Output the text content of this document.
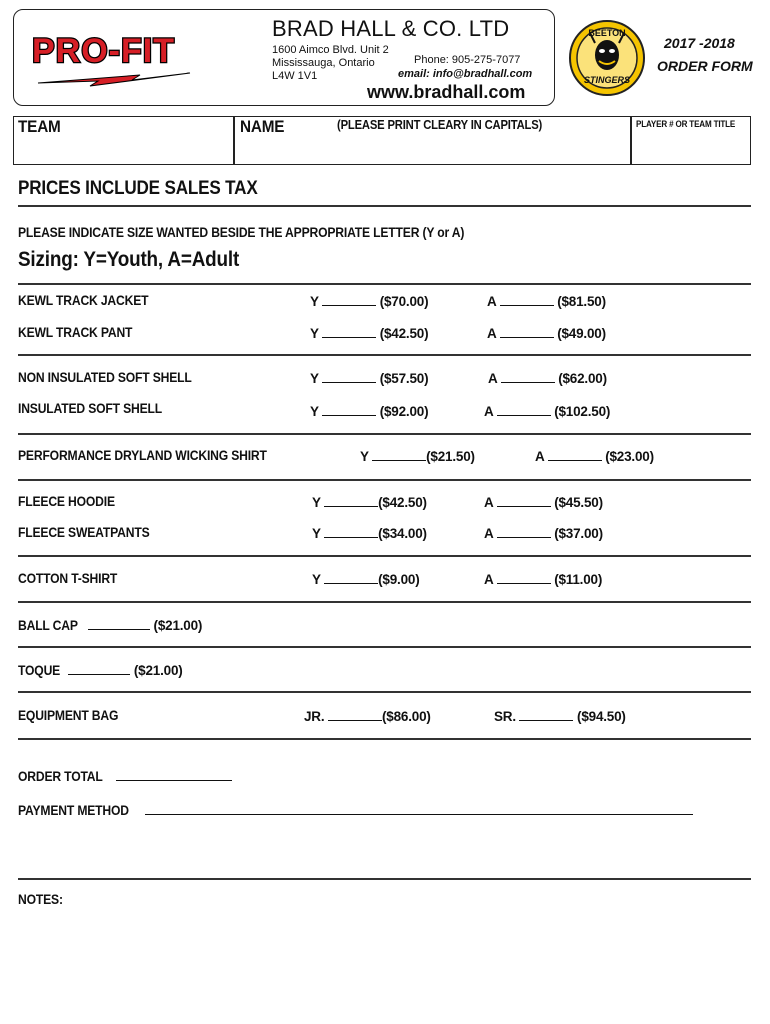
PRO-FIT
BRAD HALL & CO. LTD
1600 Aimco Blvd. Unit 2
Mississauga, Ontario
L4W 1V1
Phone: 905-275-7077
email: info@bradhall.com
www.bradhall.com
BEETON
STINGERS
2017 -2018
ORDER FORM
TEAM	NAME	(PLEASE PRINT CLEARY IN CAPITALS)	PLAYER # OR TEAM TITLE
PRICES INCLUDE SALES TAX
PLEASE INDICATE SIZE WANTED BESIDE THE APPROPRIATE LETTER (Y or A)
Sizing: Y=Youth, A=Adult
KEWL TRACK JACKET	Y	($70.00)	A	($81.50)
KEWL TRACK PANT	Y	($42.50)	A	($49.00)
NON INSULATED SOFT SHELL	Y	($57.50)	A	($62.00)
INSULATED SOFT SHELL	Y	($92.00)	A	($102.50)
PERFORMANCE DRYLAND WICKING SHIRT	Y	($21.50)	A	($23.00)
FLEECE HOODIE	Y	($42.50)	A	($45.50)
FLEECE SWEATPANTS	Y	($34.00)	A	($37.00)
COTTON T-SHIRT	Y	($9.00)	A	($11.00)
BALL CAP	($21.00)
TOQUE	($21.00)
EQUIPMENT BAG	JR.	($86.00)	SR.	($94.50)
ORDER TOTAL
PAYMENT METHOD
NOTES:
